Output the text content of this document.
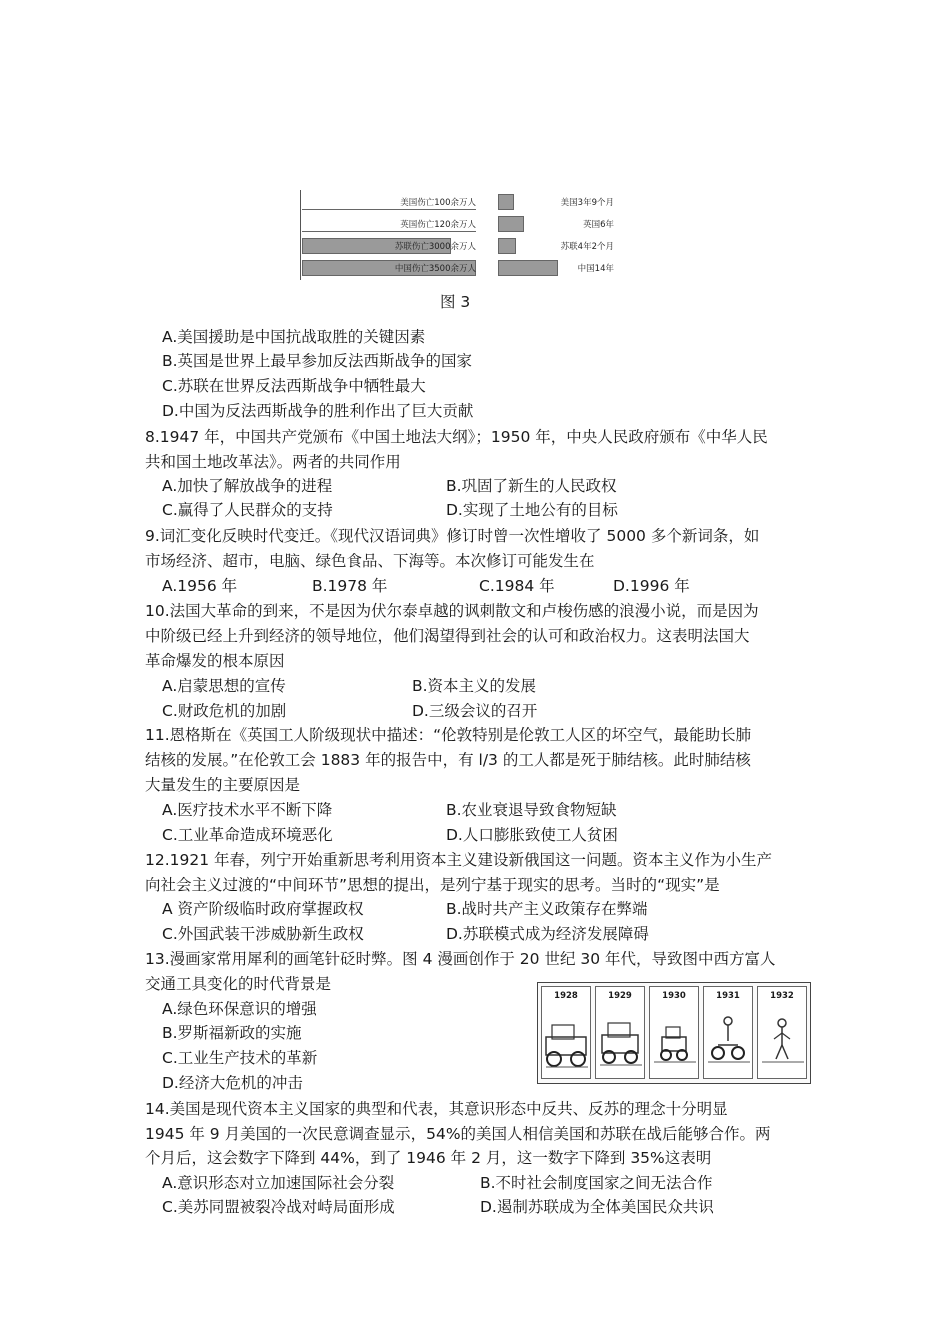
美国伤亡100余万人
英国伤亡120余万人
苏联伤亡3000余万人
中国伤亡3500余万人
美国3年9个月
英国6年
苏联4年2个月
中国14年
图 3
A.美国援助是中国抗战取胜的关键因素
B.英国是世界上最早参加反法西斯战争的国家
C.苏联在世界反法西斯战争中牺牲最大
D.中国为反法西斯战争的胜利作出了巨大贡献
8.1947 年，中国共产党颁布《中国土地法大纲》；1950 年，中央人民政府颁布《中华人民
共和国土地改革法》。两者的共同作用
A.加快了解放战争的进程	B.巩固了新生的人民政权
C.赢得了人民群众的支持	D.实现了土地公有的目标
9.词汇变化反映时代变迁。《现代汉语词典》修订时曾一次性增收了 5000 多个新词条，如
市场经济、超市，电脑、绿色食品、下海等。本次修订可能发生在
A.1956 年	B.1978 年	C.1984 年	D.1996 年
10.法国大革命的到来，不是因为伏尔泰卓越的讽刺散文和卢梭伤感的浪漫小说，而是因为
中阶级已经上升到经济的领导地位，他们渴望得到社会的认可和政治权力。这表明法国大
革命爆发的根本原因
A.启蒙思想的宣传	B.资本主义的发展
C.财政危机的加剧	D.三级会议的召开
11.恩格斯在《英国工人阶级现状中描述：“伦敦特别是伦敦工人区的坏空气，最能助长肺
结核的发展。”在伦敦工会 1883 年的报告中，有 l/3 的工人都是死于肺结核。此时肺结核
大量发生的主要原因是
A.医疗技术水平不断下降	B.农业衰退导致食物短缺
C.工业革命造成环境恶化	D.人口膨胀致使工人贫困
12.1921 年春，列宁开始重新思考利用资本主义建设新俄国这一问题。资本主义作为小生产
向社会主义过渡的“中间环节”思想的提出，是列宁基于现实的思考。当时的“现实”是
A 资产阶级临时政府掌握政权	B.战时共产主义政策存在弊端
C.外国武装干涉威胁新生政权	D.苏联模式成为经济发展障碍
13.漫画家常用犀利的画笔针砭时弊。图 4 漫画创作于 20 世纪 30 年代，导致图中西方富人
交通工具变化的时代背景是
A.绿色环保意识的增强
B.罗斯福新政的实施
C.工业生产技术的革新
D.经济大危机的冲击
1928	1929	1930	1931	1932
14.美国是现代资本主义国家的典型和代表，其意识形态中反共、反苏的理念十分明显
1945 年 9 月美国的一次民意调查显示，54%的美国人相信美国和苏联在战后能够合作。两
个月后，这会数字下降到 44%，到了 1946 年 2 月，这一数字下降到 35%这表明
A.意识形态对立加速国际社会分裂	B.不时社会制度国家之间无法合作
C.美苏同盟被裂冷战对峙局面形成	D.遏制苏联成为全体美国民众共识
